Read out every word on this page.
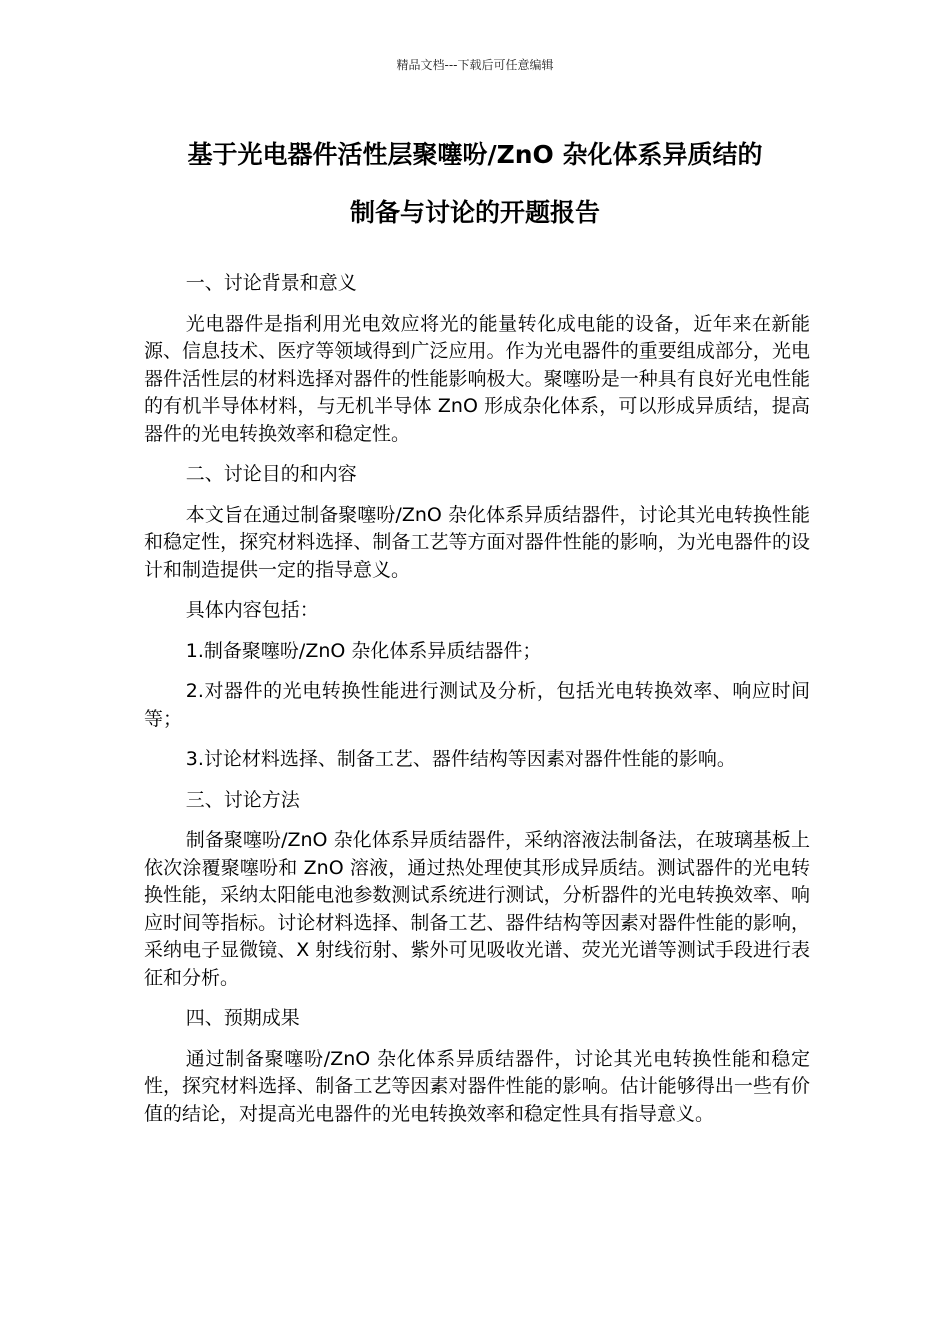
精品文档---下载后可任意编辑
基于光电器件活性层聚噻吩/ZnO 杂化体系异质结的
制备与讨论的开题报告

一、讨论背景和意义

光电器件是指利用光电效应将光的能量转化成电能的设备，近年来在新能源、信息技术、医疗等领域得到广泛应用。作为光电器件的重要组成部分，光电器件活性层的材料选择对器件的性能影响极大。聚噻吩是一种具有良好光电性能的有机半导体材料，与无机半导体 ZnO 形成杂化体系，可以形成异质结，提高器件的光电转换效率和稳定性。

二、讨论目的和内容

本文旨在通过制备聚噻吩/ZnO 杂化体系异质结器件，讨论其光电转换性能和稳定性，探究材料选择、制备工艺等方面对器件性能的影响，为光电器件的设计和制造提供一定的指导意义。

具体内容包括：

1.制备聚噻吩/ZnO 杂化体系异质结器件；

2.对器件的光电转换性能进行测试及分析，包括光电转换效率、响应时间等；

3.讨论材料选择、制备工艺、器件结构等因素对器件性能的影响。

三、讨论方法

制备聚噻吩/ZnO 杂化体系异质结器件，采纳溶液法制备法，在玻璃基板上依次涂覆聚噻吩和 ZnO 溶液，通过热处理使其形成异质结。测试器件的光电转换性能，采纳太阳能电池参数测试系统进行测试，分析器件的光电转换效率、响应时间等指标。讨论材料选择、制备工艺、器件结构等因素对器件性能的影响，采纳电子显微镜、X 射线衍射、紫外可见吸收光谱、荧光光谱等测试手段进行表征和分析。

四、预期成果

通过制备聚噻吩/ZnO 杂化体系异质结器件，讨论其光电转换性能和稳定性，探究材料选择、制备工艺等因素对器件性能的影响。估计能够得出一些有价值的结论，对提高光电器件的光电转换效率和稳定性具有指导意义。
